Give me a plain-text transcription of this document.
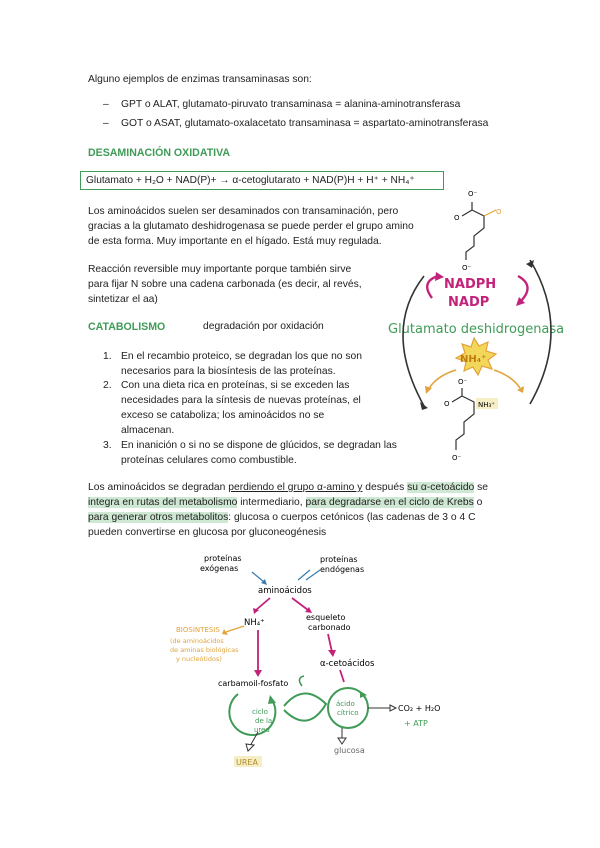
Alguno ejemplos de enzimas transaminasas son:
– GPT o ALAT, glutamato-piruvato transaminasa = alanina-aminotransferasa
– GOT o ASAT, glutamato-oxalacetato transaminasa = aspartato-aminotransferasa
DESAMINACIÓN OXIDATIVA
Glutamato + H₂O + NAD(P)+ → α-cetoglutarato + NAD(P)H + H⁺ + NH₄⁺
Los aminoácidos suelen ser desaminados con transaminación, pero
gracias a la glutamato deshidrogenasa se puede perder el grupo amino
de esta forma. Muy importante en el hígado. Está muy regulada.
Reacción reversible muy importante porque también sirve
para fijar N sobre una cadena carbonada (es decir, al revés,
sintetizar el aa)
CATABOLISMO	degradación por oxidación
1. En el recambio proteico, se degradan los que no son
necesarios para la biosíntesis de las proteínas.
2. Con una dieta rica en proteínas, si se exceden las
necesidades para la síntesis de nuevas proteínas, el
exceso se cataboliza; los aminoácidos no se
almacenan.
3. En inanición o si no se dispone de glúcidos, se degradan las
proteínas celulares como combustible.
Los aminoácidos se degradan perdiendo el grupo α-amino y después su α-cetoácido se
integra en rutas del metabolismo intermediario, para degradarse en el ciclo de Krebs o
para generar otros metabolitos: glucosa o cuerpos cetónicos (las cadenas de 3 o 4 C
pueden convertirse en glucosa por gluconeogénesis
O⁻
O
O
O⁻
NADPH
NADP
Glutamato deshidrogenasa
NH₄⁺
NH₃⁺
O⁻
O
O⁻
proteínas
exógenas
proteínas
endógenas
aminoácidos
NH₄⁺
esqueleto
carbonado
BIOSÍNTESIS
(de aminoácidos
de aminas biológicas
y nucleótidos)	α-cetoácidos
carbamoil-fosfato
ciclo
de la
urea
ácido
cítrico	CO₂ + H₂O
+ ATP
UREA
glucosa
